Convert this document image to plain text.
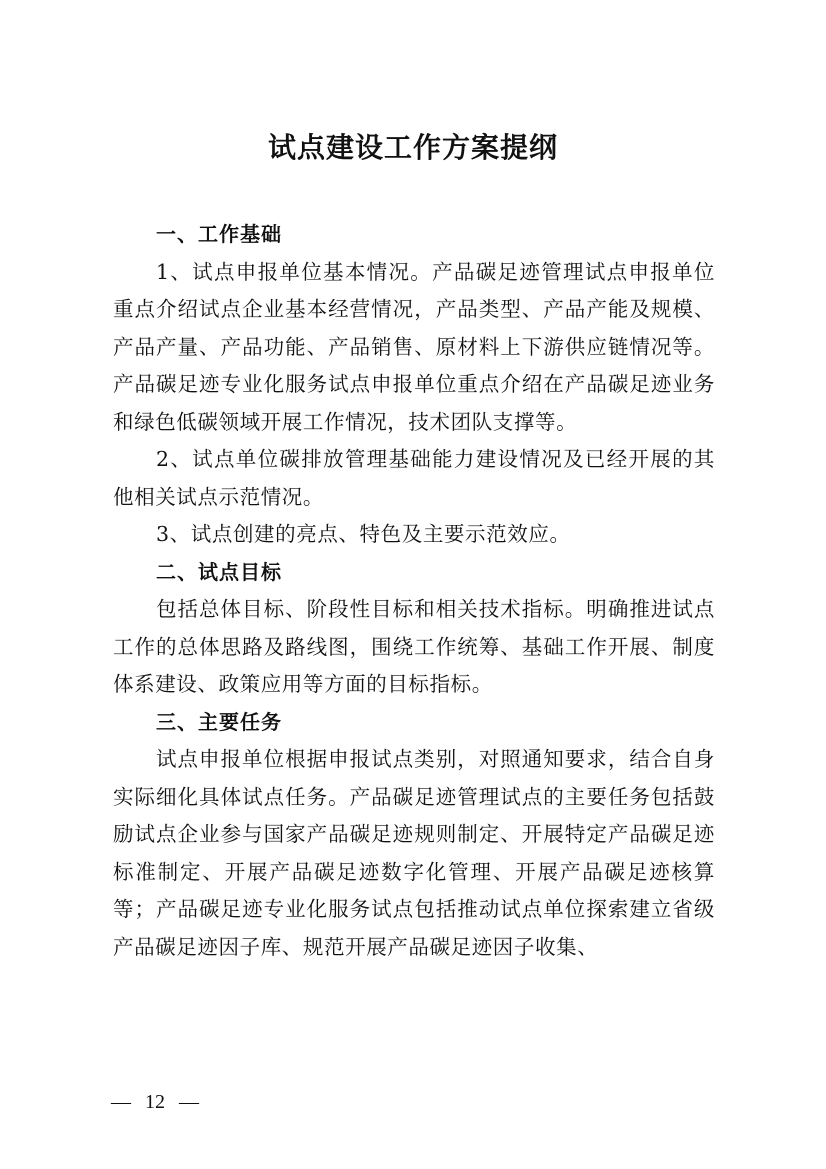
试点建设工作方案提纲

一、工作基础

1、试点申报单位基本情况。产品碳足迹管理试点申报单位重点介绍试点企业基本经营情况，产品类型、产品产能及规模、产品产量、产品功能、产品销售、原材料上下游供应链情况等。产品碳足迹专业化服务试点申报单位重点介绍在产品碳足迹业务和绿色低碳领域开展工作情况，技术团队支撑等。

2、试点单位碳排放管理基础能力建设情况及已经开展的其他相关试点示范情况。

3、试点创建的亮点、特色及主要示范效应。

二、试点目标

包括总体目标、阶段性目标和相关技术指标。明确推进试点工作的总体思路及路线图，围绕工作统筹、基础工作开展、制度体系建设、政策应用等方面的目标指标。

三、主要任务

试点申报单位根据申报试点类别，对照通知要求，结合自身实际细化具体试点任务。产品碳足迹管理试点的主要任务包括鼓励试点企业参与国家产品碳足迹规则制定、开展特定产品碳足迹标准制定、开展产品碳足迹数字化管理、开展产品碳足迹核算等；产品碳足迹专业化服务试点包括推动试点单位探索建立省级产品碳足迹因子库、规范开展产品碳足迹因子收集、

— 12 —
